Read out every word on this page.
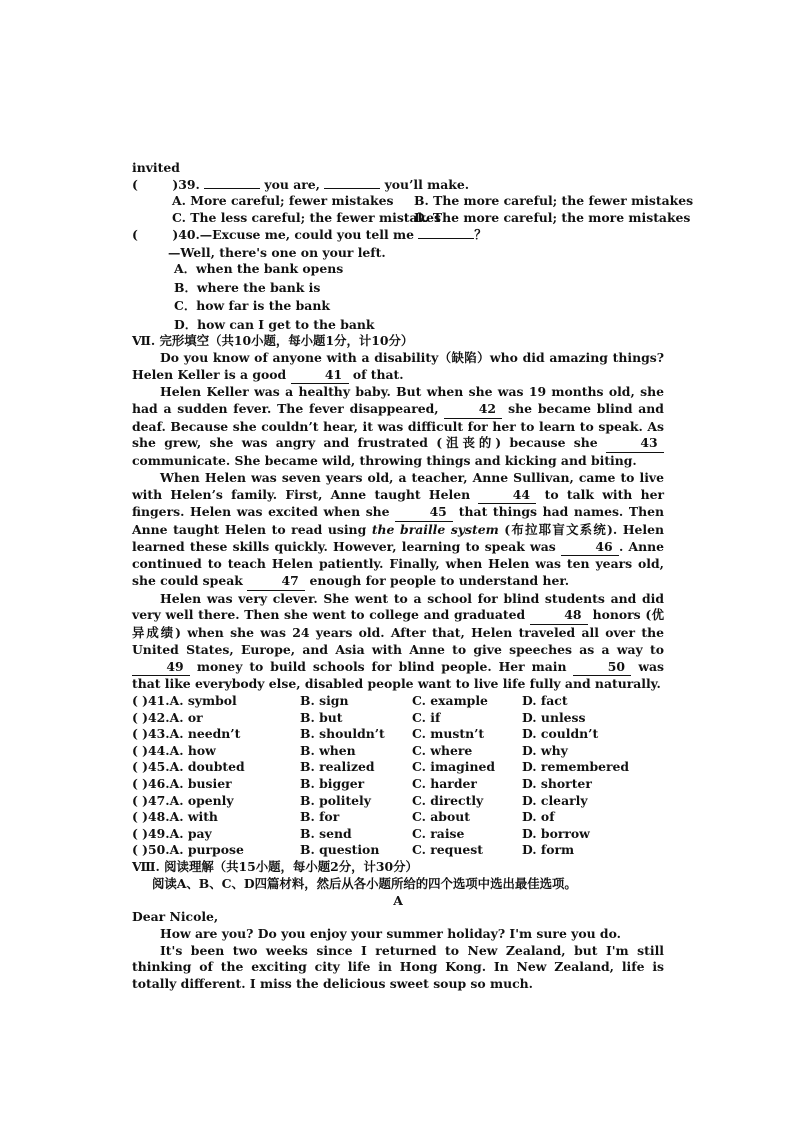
invited
(        )39.	you are,	you’ll make.
A. More careful; fewer mistakes	B. The more careful; the fewer mistakes
C. The less careful; the fewer mistakes
D. The more careful; the more mistakes
(        )40.—Excuse me, could you tell me	？
—Well, there's one on your left.
A．when the bank opens
B．where the bank is
C．how far is the bank
D．how can I get to the bank
Ⅶ. 完形填空（共10小题，每小题1分，计10分）

Do you know of anyone with a disability（缺陷）who did amazing things? Helen Keller is a good	41 of that.

Helen Keller was a healthy baby. But when she was 19 months old, she had a sudden fever. The fever disappeared,	42 she became blind and deaf. Because she couldn’t hear, it was difficult for her to learn to speak. As she grew, she was angry and frustrated (沮丧的) because she	43 communicate. She became wild, throwing things and kicking and biting.

When Helen was seven years old, a teacher, Anne Sullivan, came to live with Helen’s family. First, Anne taught Helen	44 to talk with her fingers. Helen was excited when she	45 that things had names. Then Anne taught Helen to read using the braille system (布拉耶盲文系统). Helen learned these skills quickly. However, learning to speak was	46 . Anne continued to teach Helen patiently. Finally, when Helen was ten years old, she could speak	47 enough for people to understand her.

Helen was very clever. She went to a school for blind students and did very well there. Then she went to college and graduated	48 honors (优异成绩) when she was 24 years old. After that, Helen traveled all over the United States, Europe, and Asia with Anne to give speeches as a way to 49 money to build schools for blind people. Her main	50 was that like everybody else, disabled people want to live life fully and naturally.

( )41.A. symbol	B. sign	C. example	D. fact
( )42.A. or	B. but	C. if	D. unless
( )43.A. needn’t	B. shouldn’t	C. mustn’t	D. couldn’t
( )44.A. how	B. when	C. where	D. why
( )45.A. doubted	B. realized	C. imagined	D. remembered
( )46.A. busier	B. bigger	C. harder	D. shorter
( )47.A. openly	B. politely	C. directly	D. clearly
( )48.A. with	B. for	C. about	D. of
( )49.A. pay	B. send	C. raise	D. borrow
( )50.A. purpose	B. question	C. request	D. form
Ⅷ. 阅读理解（共15小题，每小题2分，计30分）
阅读A、B、C、D四篇材料，然后从各小题所给的四个选项中选出最佳选项。
A
Dear Nicole,

How are you? Do you enjoy your summer holiday? I'm sure you do.

It's been two weeks since I returned to New Zealand, but I'm still thinking of the exciting city life in Hong Kong. In New Zealand, life is totally different. I miss the delicious sweet soup so much.
